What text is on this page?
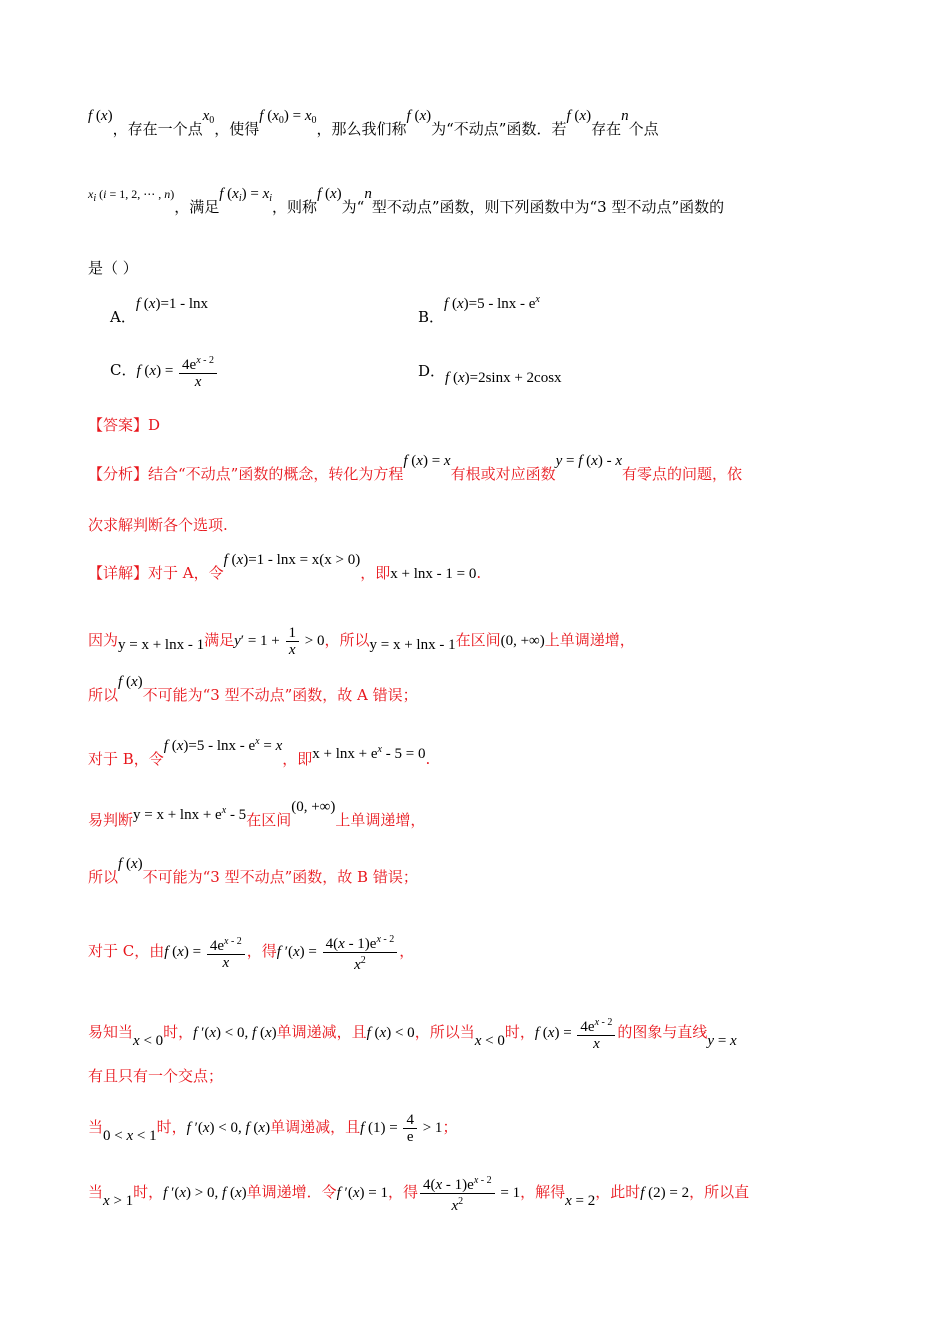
f (x)，存在一个点$x_0$，使得f $(x_0) = x_0$，那么我们称f (x)为“不动点”函数．若f (x)存在n个点
$x_i$ (i = 1, 2, ⋯ , n)，满足f $(x_i) = x_i$，则称f (x)为“n型不动点”函数，则下列函数中为“3 型不动点”函数的
是（ ）
A．f (x)=1 - lnx
B．f $(x)=5 - \ln x - e^x$
C．f $(x) = \frac{4e^{x - 2}}{x}$	D．f (x)=2sinx + 2cosx
【答案】D
【分析】结合“不动点”函数的概念，转化为方程f (x) = x有根或对应函数y = f (x) - x有零点的问题，依
次求解判断各个选项.
【详解】对于 A，令f (x)=1 - lnx = x(x > 0)，即x + lnx - 1 = 0.
因为y = x + lnx - 1满足$y' = 1 + \frac{1}{x} > 0$，所以y = x + lnx - 1在区间(0, +∞)上单调递增，
所以f (x)不可能为“3 型不动点”函数，故 A 错误；
对于 B，令f $(x)=5 - \ln x - e^x = x$，即$x + \ln x + e^x - 5 = 0$.
易判断$y = x + \ln x + e^x - 5$在区间(0, +∞)上单调递增，
所以f (x)不可能为“3 型不动点”函数，故 B 错误；
对于 C，由f $(x) = \frac{4e^{x - 2}}{x}$ ，得f $'(x) = \frac{4(x - 1)e^{x - 2}}{x^2}$ ，
易知当x < 0时，f ′(x) < 0, f (x)单调递减，且f (x) < 0，所以当x < 0时，f $(x) = \frac{4e^{x - 2}}{x}$ 的图象与直线y = x
有且只有一个交点；
当0 < x < 1时，f ′(x) < 0, f (x)单调递减，且f $(1) = \frac{4}{e} > 1$；
当x > 1时，f ′(x) > 0, f (x)单调递增．令f ′(x) = 1，得 $\frac{4(x - 1)e^{x - 2}}{x^2} = 1$，解得x = 2，此时f (2) = 2，所以直
